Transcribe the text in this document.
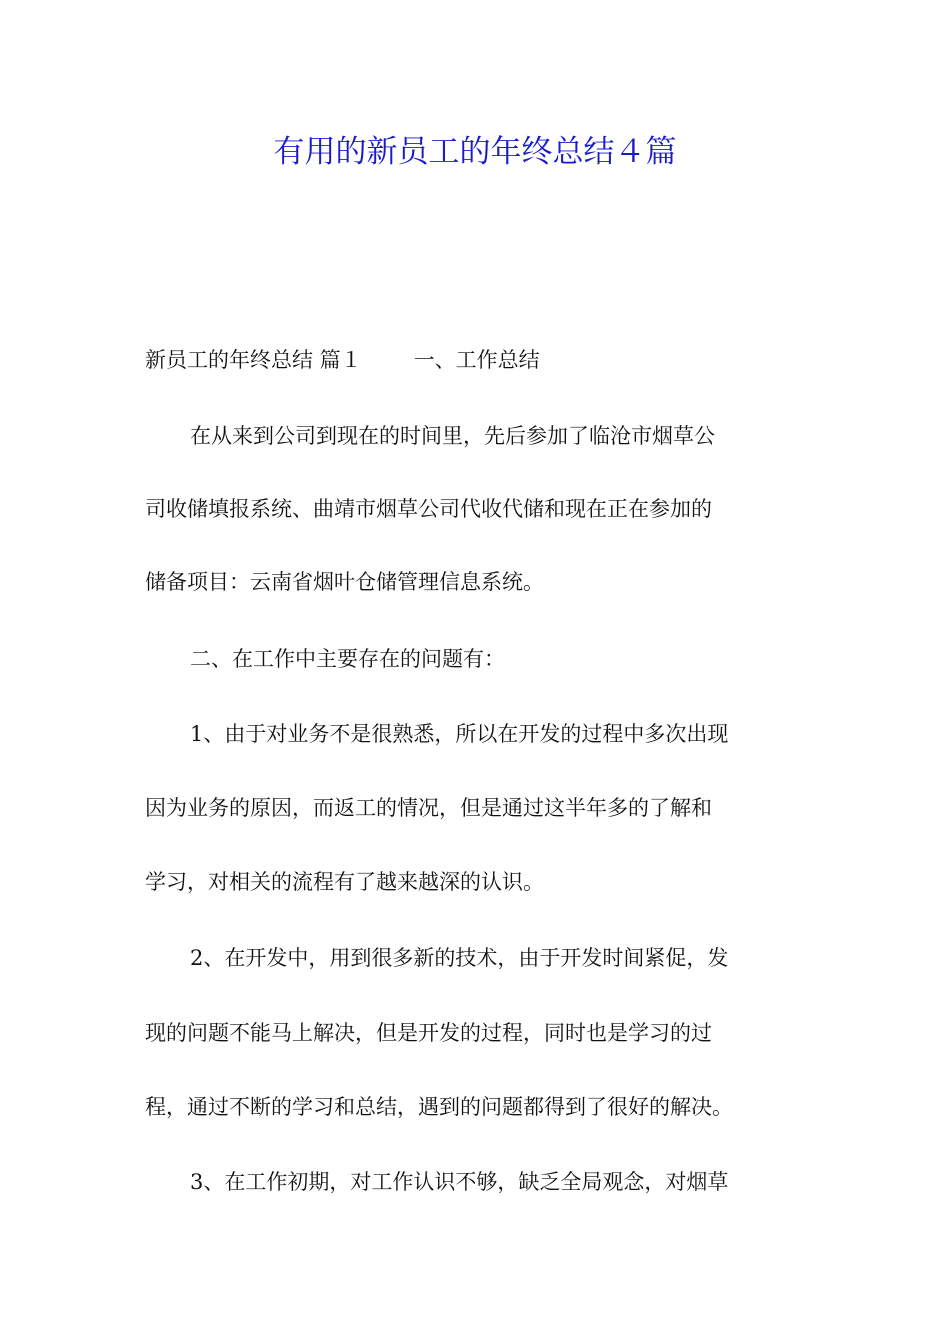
有用的新员工的年终总结４篇
新员工的年终总结 篇１ 一、工作总结
在从来到公司到现在的时间里，先后参加了临沧市烟草公
司收储填报系统、曲靖市烟草公司代收代储和现在正在参加的
储备项目：云南省烟叶仓储管理信息系统。
二、在工作中主要存在的问题有：
1、由于对业务不是很熟悉，所以在开发的过程中多次出现
因为业务的原因，而返工的情况，但是通过这半年多的了解和
学习，对相关的流程有了越来越深的认识。
2、在开发中，用到很多新的技术，由于开发时间紧促，发
现的问题不能马上解决，但是开发的过程，同时也是学习的过
程，通过不断的学习和总结，遇到的问题都得到了很好的解决。
3、在工作初期，对工作认识不够，缺乏全局观念，对烟草
